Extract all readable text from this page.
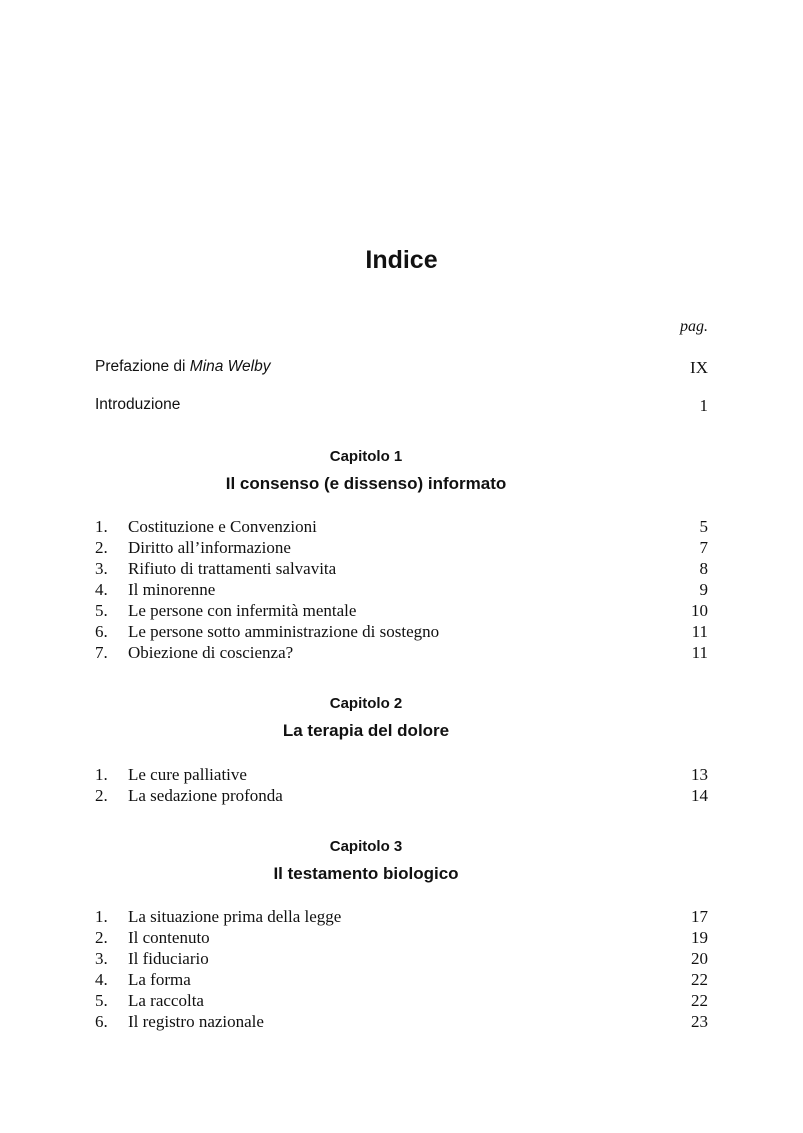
Indice
pag.
Prefazione di Mina Welby	IX
Introduzione	1
Capitolo 1
Il consenso (e dissenso) informato
1. Costituzione e Convenzioni	5
2. Diritto all’informazione	7
3. Rifiuto di trattamenti salvavita	8
4. Il minorenne	9
5. Le persone con infermità mentale	10
6. Le persone sotto amministrazione di sostegno	11
7. Obiezione di coscienza?	11
Capitolo 2
La terapia del dolore
1. Le cure palliative	13
2. La sedazione profonda	14
Capitolo 3
Il testamento biologico
1. La situazione prima della legge	17
2. Il contenuto	19
3. Il fiduciario	20
4. La forma	22
5. La raccolta	22
6. Il registro nazionale	23
